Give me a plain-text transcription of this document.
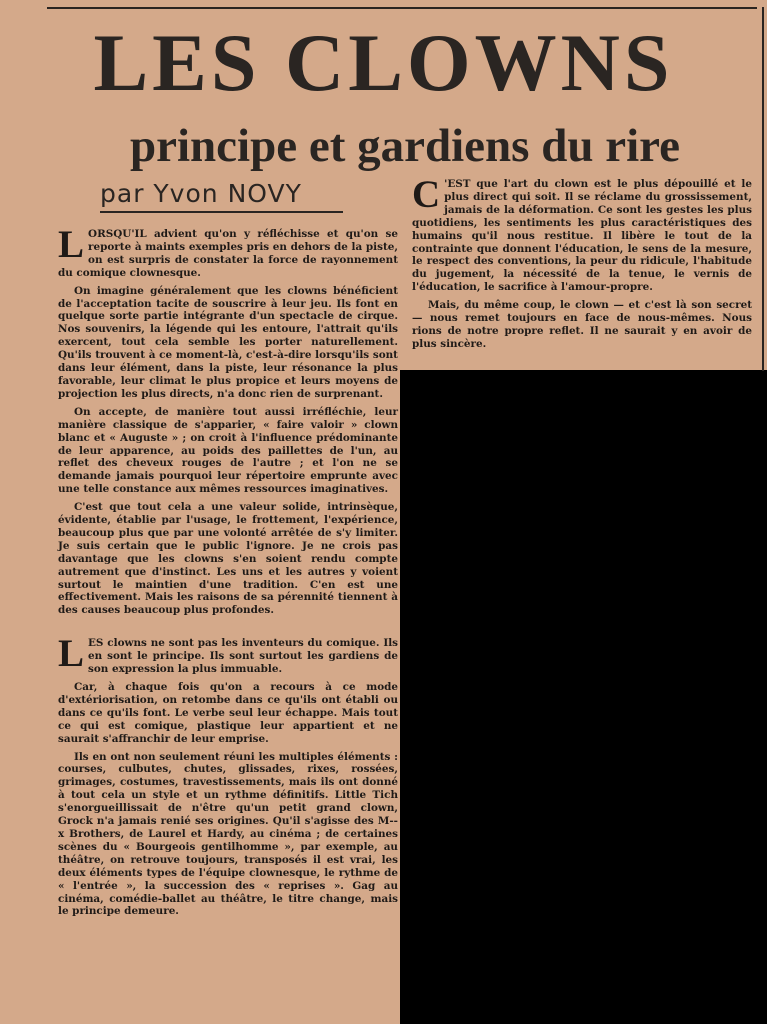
LES CLOWNS
principe et gardiens du rire
par Yvon NOVY

LORSQU'IL advient qu'on y réfléchisse et qu'on se reporte à maints exemples pris en dehors de la piste, on est surpris de constater la force de rayonnement du comique clownesque.

On imagine généralement que les clowns bénéficient de l'acceptation tacite de souscrire à leur jeu. Ils font en quelque sorte partie intégrante d'un spectacle de cirque. Nos souvenirs, la légende qui les entoure, l'attrait qu'ils exercent, tout cela semble les porter naturellement. Qu'ils trouvent à ce moment-là, c'est-à-dire lorsqu'ils sont dans leur élément, dans la piste, leur résonance la plus favorable, leur climat le plus propice et leurs moyens de projection les plus directs, n'a donc rien de surprenant.

On accepte, de manière tout aussi irréfléchie, leur manière classique de s'apparier, « faire valoir » clown blanc et « Auguste » ; on croit à l'influence prédominante de leur apparence, au poids des paillettes de l'un, au reflet des cheveux rouges de l'autre ; et l'on ne se demande jamais pourquoi leur répertoire emprunte avec une telle constance aux mêmes ressources imaginatives.

C'est que tout cela a une valeur solide, intrinsèque, évidente, établie par l'usage, le frottement, l'expérience, beaucoup plus que par une volonté arrêtée de s'y limiter. Je suis certain que le public l'ignore. Je ne crois pas davantage que les clowns s'en soient rendu compte autrement que d'instinct. Les uns et les autres y voient surtout le maintien d'une tradition. C'en est une effectivement. Mais les raisons de sa pérennité tiennent à des causes beaucoup plus profondes.

LES clowns ne sont pas les inventeurs du comique. Ils en sont le principe. Ils sont surtout les gardiens de son expression la plus immuable.

Car, à chaque fois qu'on a recours à ce mode d'extériorisation, on retombe dans ce qu'ils ont établi ou dans ce qu'ils font. Le verbe seul leur échappe. Mais tout ce qui est comique, plastique leur appartient et ne saurait s'affranchir de leur emprise.

Ils en ont non seulement réuni les multiples éléments : courses, culbutes, chutes, glissades, rixes, rossées, grimages, costumes, travestissements, mais ils ont donné à tout cela un style et un rythme définitifs. Little Tich s'enorgueillissait de n'être qu'un petit grand clown, Grock n'a jamais renié ses origines. Qu'il s'agisse des M--x Brothers, de Laurel et Hardy, au cinéma ; de certaines scènes du « Bourgeois gentilhomme », par exemple, au théâtre, on retrouve toujours, transposés il est vrai, les deux éléments types de l'équipe clownesque, le rythme de « l'entrée », la succession des « reprises ». Gag au cinéma, comédie-ballet au théâtre, le titre change, mais le principe demeure.

C 'EST que l'art du clown est le plus dépouillé et le plus direct qui soit. Il se réclame du grossissement, jamais de la déformation. Ce sont les gestes les plus quotidiens, les sentiments les plus caractéristiques des humains qu'il nous restitue. Il libère le tout de la contrainte que donnent l'éducation, le sens de la mesure, le respect des conventions, la peur du ridicule, l'habitude du jugement, la nécessité de la tenue, le vernis de l'éducation, le sacrifice à l'amour-propre.

Mais, du même coup, le clown — et c'est là son secret — nous remet toujours en face de nous-mêmes. Nous rions de notre propre reflet. Il ne saurait y en avoir de plus sincère.
